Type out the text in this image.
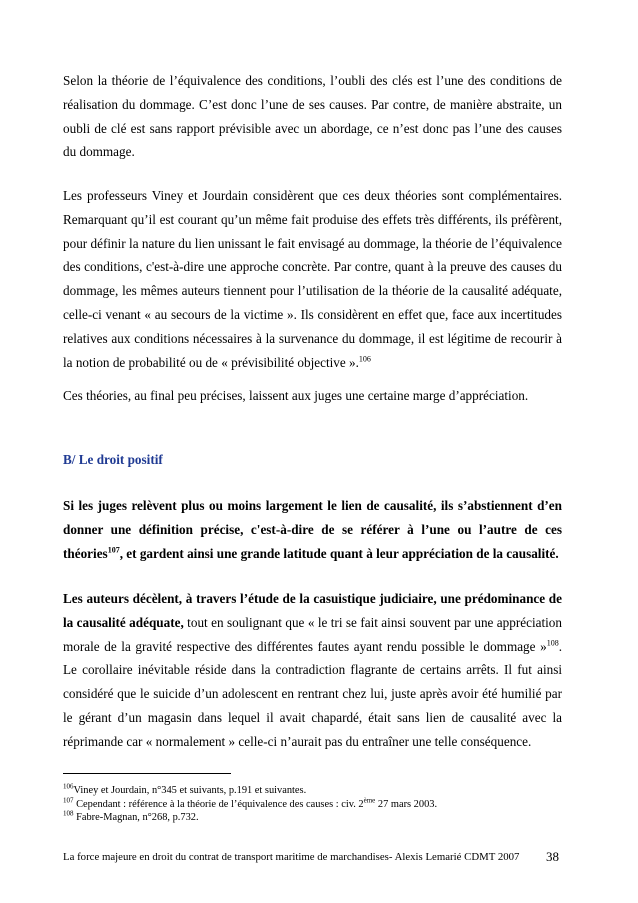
Selon la théorie de l’équivalence des conditions, l’oubli des clés est l’une des conditions de réalisation du dommage. C’est donc l’une de ses causes. Par contre, de manière abstraite, un oubli de clé est sans rapport prévisible avec un abordage, ce n’est donc pas l’une des causes du dommage.

Les professeurs Viney et Jourdain considèrent que ces deux théories sont complémentaires. Remarquant qu’il est courant qu’un même fait produise des effets très différents, ils préfèrent, pour définir la nature du lien unissant le fait envisagé au dommage, la théorie de l’équivalence des conditions, c'est-à-dire une approche concrète. Par contre, quant à la preuve des causes du dommage, les mêmes auteurs tiennent pour l’utilisation de la théorie de la causalité adéquate, celle-ci venant « au secours de la victime ». Ils considèrent en effet que, face aux incertitudes relatives aux conditions nécessaires à la survenance du dommage, il est légitime de recourir à la notion de probabilité ou de « prévisibilité objective ».$^{106}$

Ces théories, au final peu précises, laissent aux juges une certaine marge d’appréciation.

B/ Le droit positif

Si les juges relèvent plus ou moins largement le lien de causalité, ils s’abstiennent d’en donner une définition précise, c'est-à-dire de se référer à l’une ou l’autre de ces théories$^{107}$, et gardent ainsi une grande latitude quant à leur appréciation de la causalité.

Les auteurs décèlent, à travers l’étude de la casuistique judiciaire, une prédominance de la causalité adéquate, tout en soulignant que « le tri se fait ainsi souvent par une appréciation morale de la gravité respective des différentes fautes ayant rendu possible le dommage »$^{108}$. Le corollaire inévitable réside dans la contradiction flagrante de certains arrêts. Il fut ainsi considéré que le suicide d’un adolescent en rentrant chez lui, juste après avoir été humilié par le gérant d’un magasin dans lequel il avait chapardé, était sans lien de causalité avec la réprimande car « normalement » celle-ci n’aurait pas du entraîner une telle conséquence.

$^{106}$Viney et Jourdain, n°345 et suivants, p.191 et suivantes.
$^{107}$ Cependant : référence à la théorie de l’équivalence des causes : civ. 2ème 27 mars 2003.
$^{108}$ Fabre-Magnan, n°268, p.732.
La force majeure en droit du contrat de transport maritime de marchandises- Alexis Lemarié CDMT 2007 38
